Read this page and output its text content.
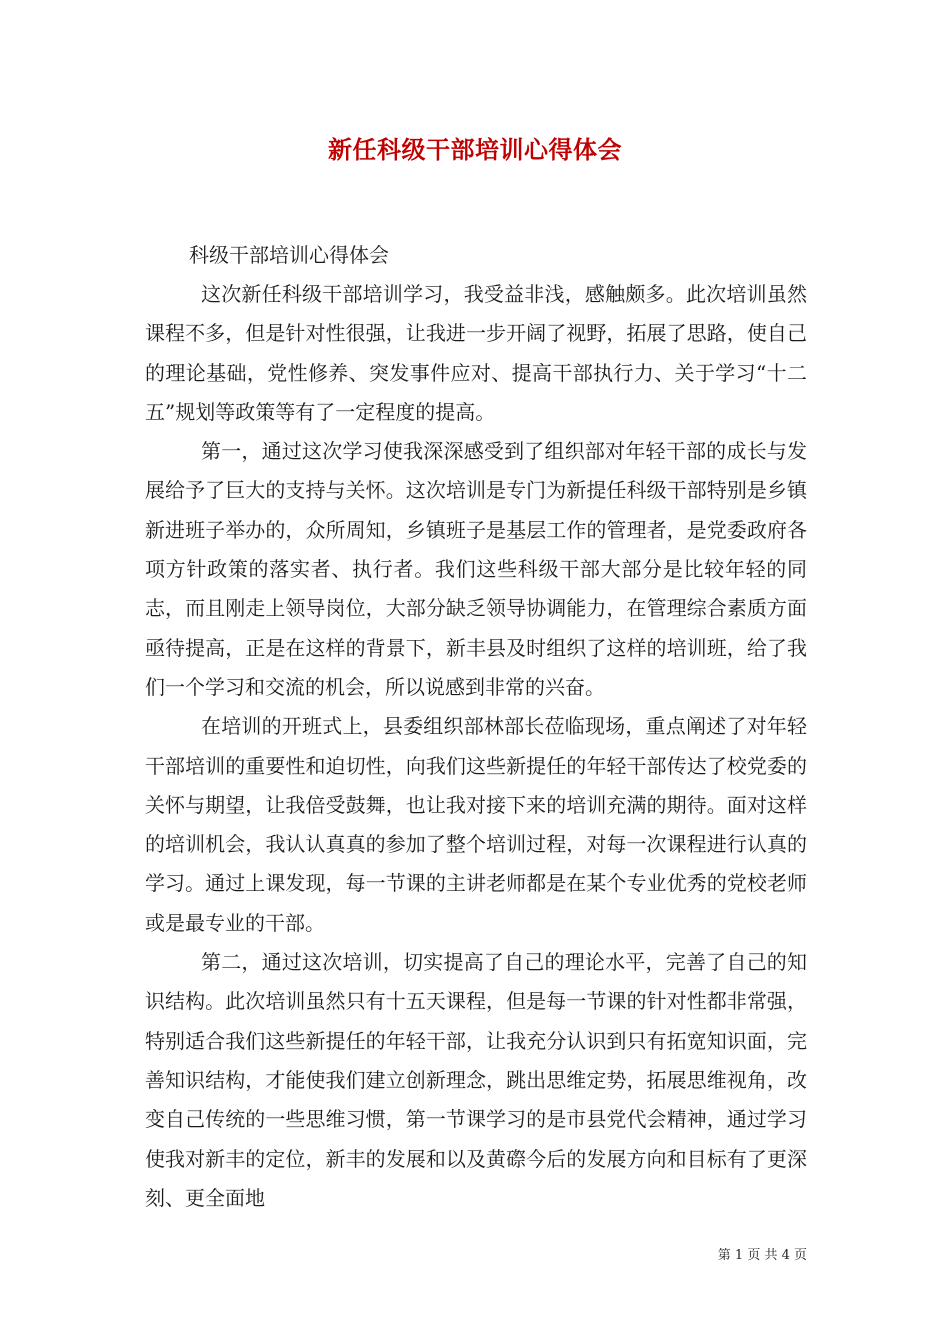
新任科级干部培训心得体会

科级干部培训心得体会

这次新任科级干部培训学习，我受益非浅，感触颇多。此次培训虽然课程不多，但是针对性很强，让我进一步开阔了视野，拓展了思路，使自己的理论基础，党性修养、突发事件应对、提高干部执行力、关于学习“十二五”规划等政策等有了一定程度的提高。

第一，通过这次学习使我深深感受到了组织部对年轻干部的成长与发展给予了巨大的支持与关怀。这次培训是专门为新提任科级干部特别是乡镇新进班子举办的，众所周知，乡镇班子是基层工作的管理者，是党委政府各项方针政策的落实者、执行者。我们这些科级干部大部分是比较年轻的同志，而且刚走上领导岗位，大部分缺乏领导协调能力，在管理综合素质方面亟待提高，正是在这样的背景下，新丰县及时组织了这样的培训班，给了我们一个学习和交流的机会，所以说感到非常的兴奋。

在培训的开班式上，县委组织部林部长莅临现场，重点阐述了对年轻干部培训的重要性和迫切性，向我们这些新提任的年轻干部传达了校党委的关怀与期望，让我倍受鼓舞，也让我对接下来的培训充满的期待。面对这样的培训机会，我认认真真的参加了整个培训过程，对每一次课程进行认真的学习。通过上课发现，每一节课的主讲老师都是在某个专业优秀的党校老师或是最专业的干部。

第二，通过这次培训，切实提高了自己的理论水平，完善了自己的知识结构。此次培训虽然只有十五天课程，但是每一节课的针对性都非常强，特别适合我们这些新提任的年轻干部，让我充分认识到只有拓宽知识面，完善知识结构，才能使我们建立创新理念，跳出思维定势，拓展思维视角，改变自己传统的一些思维习惯，第一节课学习的是市县党代会精神，通过学习使我对新丰的定位，新丰的发展和以及黄磜今后的发展方向和目标有了更深刻、更全面地

第 1 页 共 4 页
